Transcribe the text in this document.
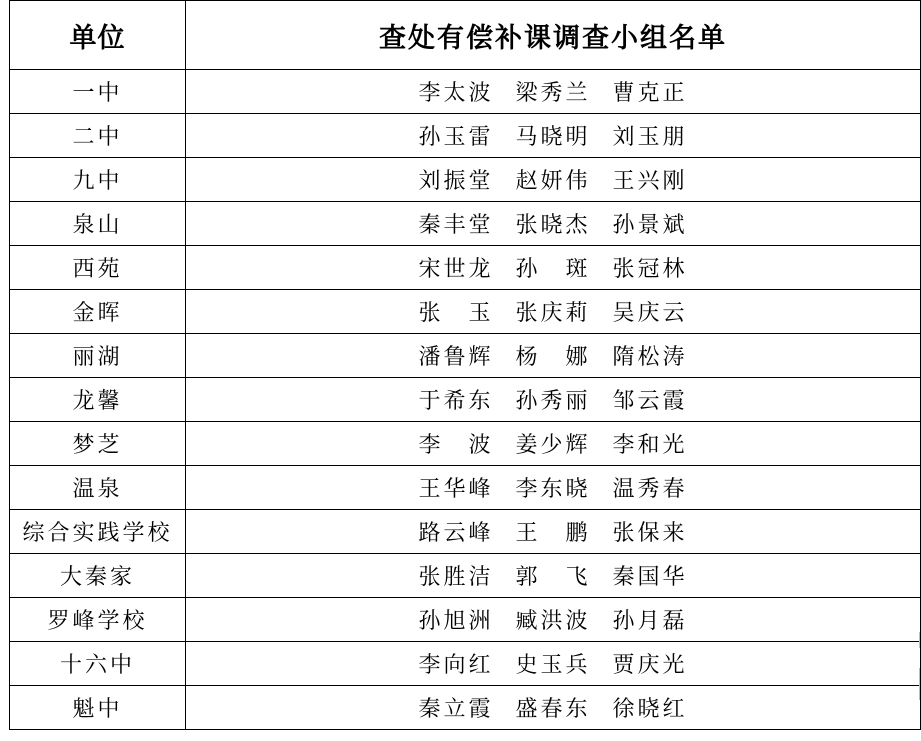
单位	查处有偿补课调查小组名单
一中	李太波 梁秀兰 曹克正
二中	孙玉雷 马晓明 刘玉朋
九中	刘振堂 赵妍伟 王兴刚
泉山	秦丰堂 张晓杰 孙景斌
西苑	宋世龙 孙　斑 张冠林
金晖	张　玉 张庆莉 吴庆云
丽湖	潘鲁辉 杨　娜 隋松涛
龙馨	于希东 孙秀丽 邹云霞
梦芝	李　波 姜少辉 李和光
温泉	王华峰 李东晓 温秀春
综合实践学校	路云峰 王　鹏 张保来
大秦家	张胜洁 郭　飞 秦国华
罗峰学校	孙旭洲 臧洪波 孙月磊
十六中	李向红 史玉兵 贾庆光
魁中	秦立霞 盛春东 徐晓红
